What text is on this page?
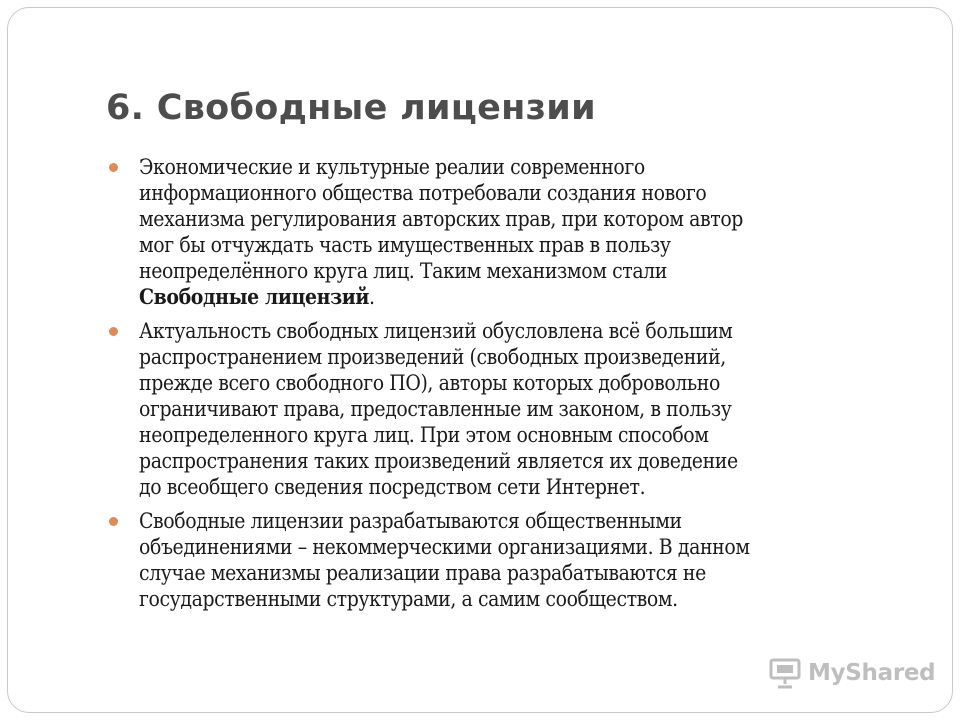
6. Свободные лицензии
Экономические и культурные реалии современного
информационного общества потребовали создания нового
механизма регулирования авторских прав, при котором автор
мог бы отчуждать часть имущественных прав в пользу
неопределённого круга лиц. Таким механизмом стали
Свободные лицензий.
Актуальность свободных лицензий обусловлена всё большим
распространением произведений (свободных произведений,
прежде всего свободного ПО), авторы которых добровольно
ограничивают права, предоставленные им законом, в пользу
неопределенного круга лиц. При этом основным способом
распространения таких произведений является их доведение
до всеобщего сведения посредством сети Интернет.
Свободные лицензии разрабатываются общественными
объединениями – некоммерческими организациями. В данном
случае механизмы реализации права разрабатываются не
государственными структурами, а самим сообществом.
MyShared
